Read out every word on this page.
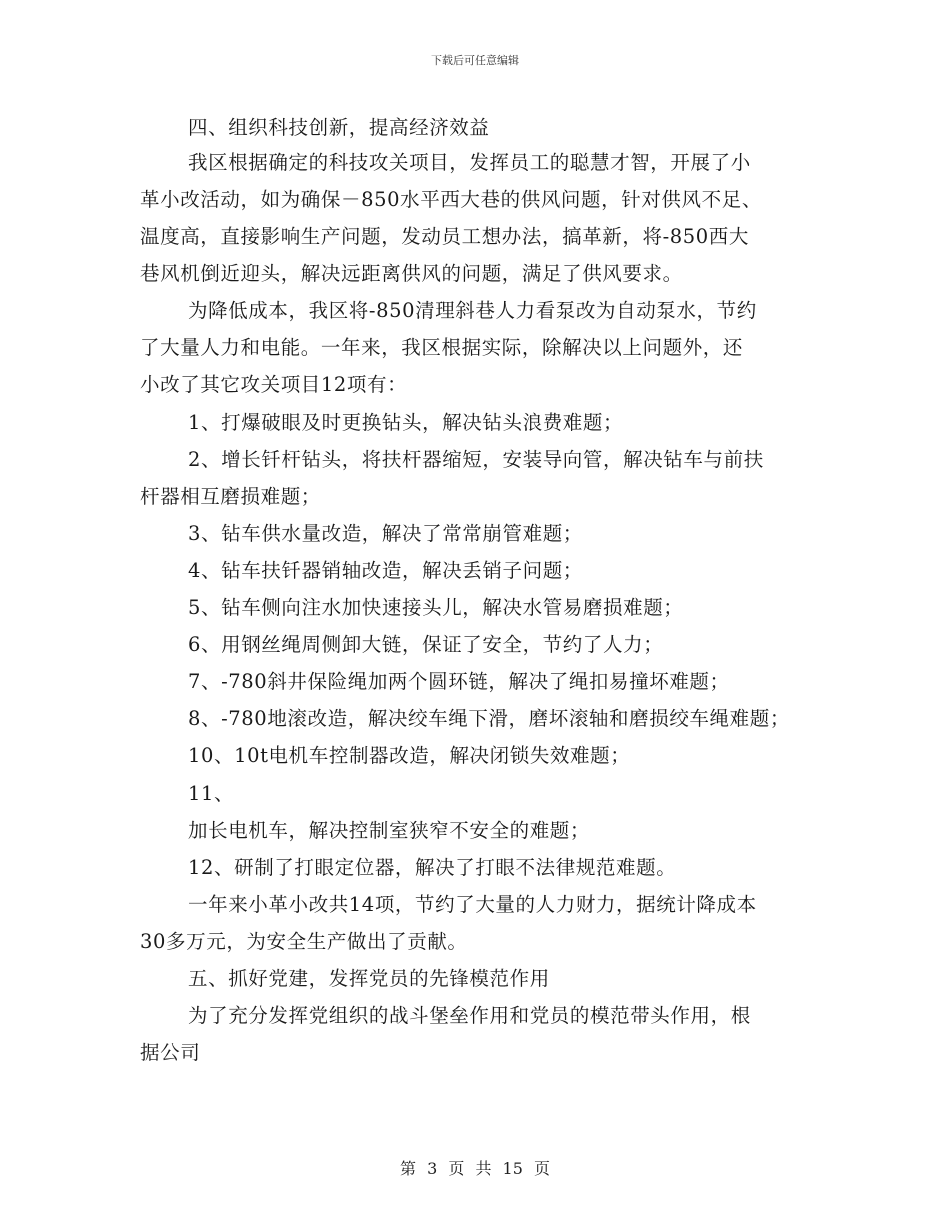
下载后可任意编辑
四、组织科技创新，提高经济效益
我区根据确定的科技攻关项目，发挥员工的聪慧才智，开展了小
革小改活动，如为确保－850水平西大巷的供风问题，针对供风不足、
温度高，直接影响生产问题，发动员工想办法，搞革新，将-850西大
巷风机倒近迎头，解决远距离供风的问题，满足了供风要求。
为降低成本，我区将-850清理斜巷人力看泵改为自动泵水，节约
了大量人力和电能。一年来，我区根据实际，除解决以上问题外，还
小改了其它攻关项目12项有：
1、打爆破眼及时更换钻头，解决钻头浪费难题；
2、增长钎杆钻头，将扶杆器缩短，安装导向管，解决钻车与前扶
杆器相互磨损难题；
3、钻车供水量改造，解决了常常崩管难题；
4、钻车扶钎器销轴改造，解决丢销子问题；
5、钻车侧向注水加快速接头儿，解决水管易磨损难题；
6、用钢丝绳周侧卸大链，保证了安全，节约了人力；
7、-780斜井保险绳加两个圆环链，解决了绳扣易撞坏难题；
8、-780地滚改造，解决绞车绳下滑，磨坏滚轴和磨损绞车绳难题；
10、10t电机车控制器改造，解决闭锁失效难题；
11、
加长电机车，解决控制室狭窄不安全的难题；
12、研制了打眼定位器，解决了打眼不法律规范难题。
一年来小革小改共14项，节约了大量的人力财力，据统计降成本
30多万元，为安全生产做出了贡献。
五、抓好党建，发挥党员的先锋模范作用
为了充分发挥党组织的战斗堡垒作用和党员的模范带头作用，根
据公司
第 3 页 共 15 页
